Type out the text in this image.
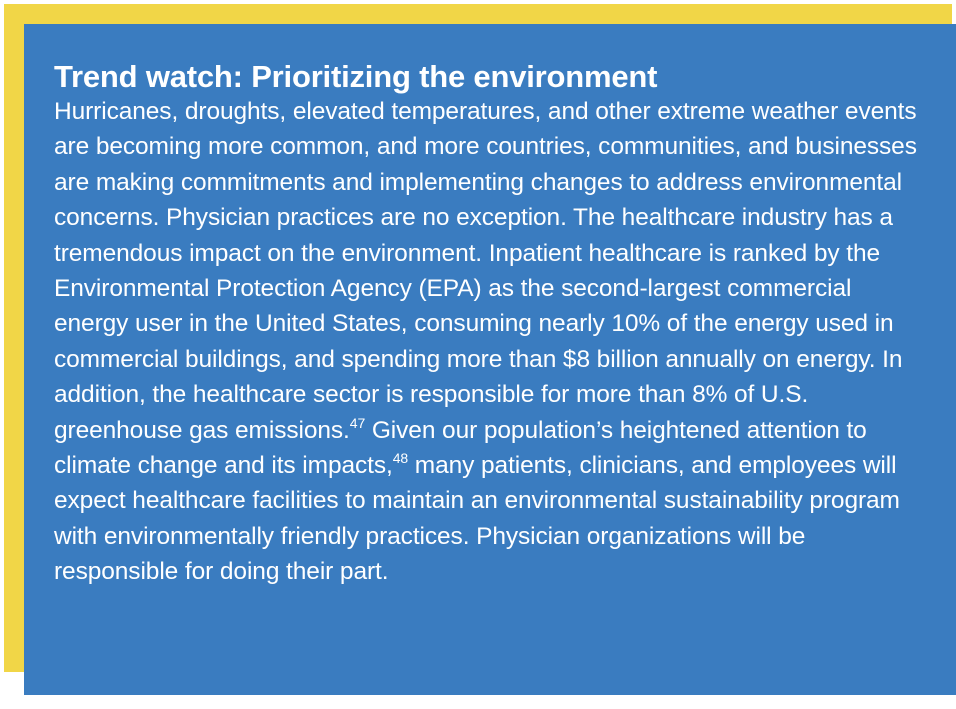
Trend watch: Prioritizing the environment

Hurricanes, droughts, elevated temperatures, and other extreme weather events are becoming more common, and more countries, communities, and businesses are making commitments and implementing changes to address environmental concerns. Physician practices are no exception. The healthcare industry has a tremendous impact on the environment. Inpatient healthcare is ranked by the Environmental Protection Agency (EPA) as the second-largest commercial energy user in the United States, consuming nearly 10% of the energy used in commercial buildings, and spending more than $8 billion annually on energy. In addition, the healthcare sector is responsible for more than 8% of U.S. greenhouse gas emissions.$^{47}$ Given our population’s heightened attention to climate change and its impacts,$^{48}$ many patients, clinicians, and employees will expect healthcare facilities to maintain an environmental sustainability program with environmentally friendly practices. Physician organizations will be responsible for doing their part.
